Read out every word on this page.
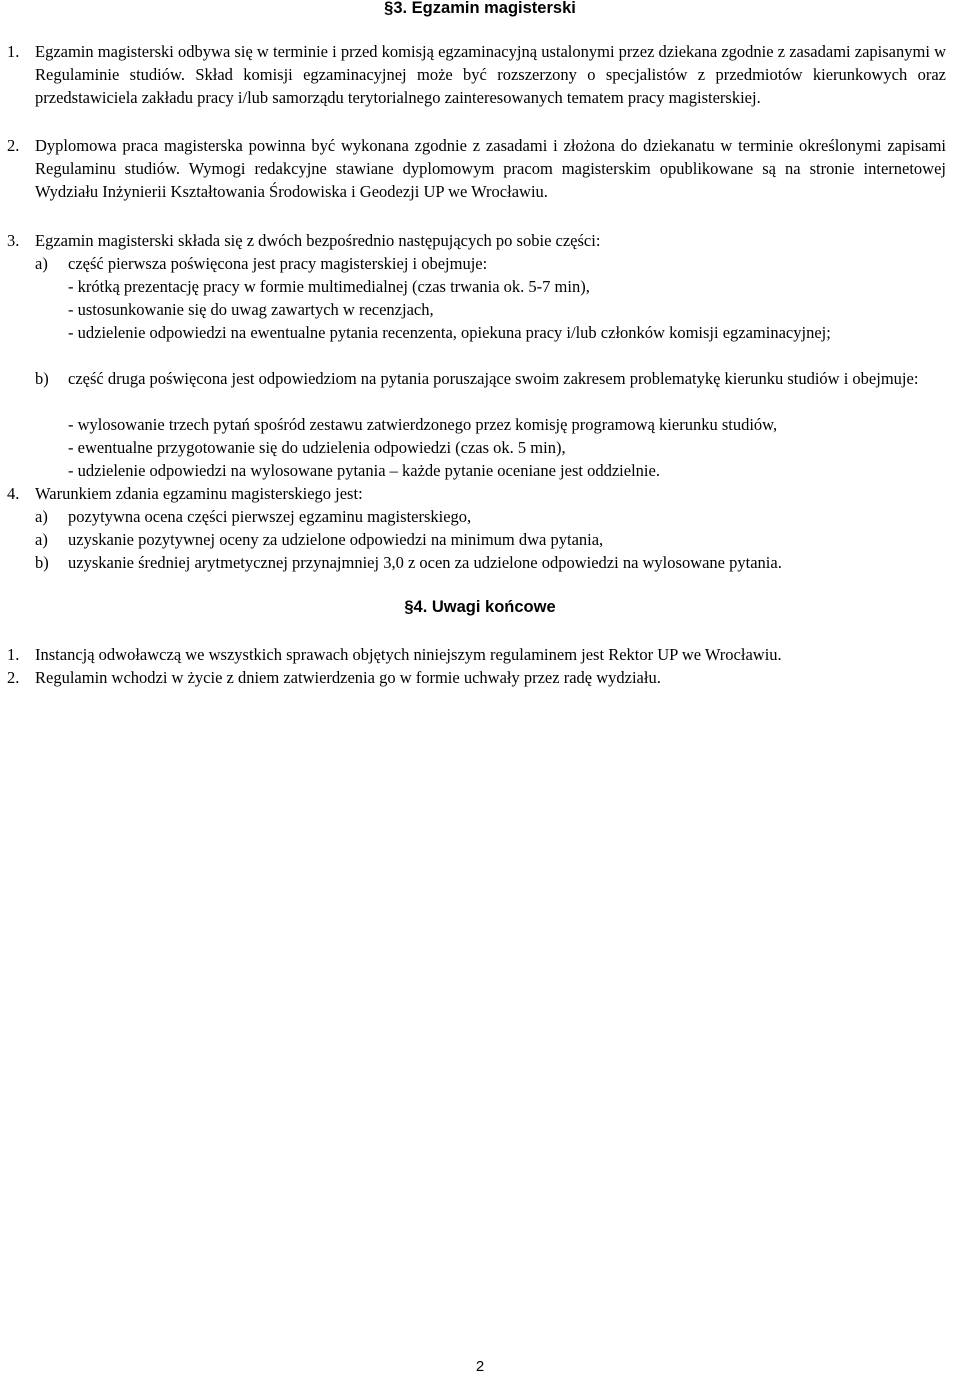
§3. Egzamin magisterski
1. Egzamin magisterski odbywa się w terminie i przed komisją egzaminacyjną ustalonymi przez dziekana zgodnie z zasadami zapisanymi w Regulaminie studiów. Skład komisji egzaminacyjnej może być rozszerzony o specjalistów z przedmiotów kierunkowych oraz przedstawiciela zakładu pracy i/lub samorządu terytorialnego zainteresowanych tematem pracy magisterskiej.

2. Dyplomowa praca magisterska powinna być wykonana zgodnie z zasadami i złożona do dziekanatu w terminie określonymi zapisami Regulaminu studiów. Wymogi redakcyjne stawiane dyplomowym pracom magisterskim opublikowane są na stronie internetowej Wydziału Inżynierii Kształtowania Środowiska i Geodezji UP we Wrocławiu.

3. Egzamin magisterski składa się z dwóch bezpośrednio następujących po sobie części:

a) część pierwsza poświęcona jest pracy magisterskiej i obejmuje:

- krótką prezentację pracy w formie multimedialnej (czas trwania ok. 5-7 min),

- ustosunkowanie się do uwag zawartych w recenzjach,

- udzielenie odpowiedzi na ewentualne pytania recenzenta, opiekuna pracy i/lub członków komisji egzaminacyjnej;

b) część druga poświęcona jest odpowiedziom na pytania poruszające swoim zakresem problematykę kierunku studiów i obejmuje:

- wylosowanie trzech pytań spośród zestawu zatwierdzonego przez komisję programową kierunku studiów,

- ewentualne przygotowanie się do udzielenia odpowiedzi (czas ok. 5 min),

- udzielenie odpowiedzi na wylosowane pytania – każde pytanie oceniane jest oddzielnie.

4. Warunkiem zdania egzaminu magisterskiego jest:

a) pozytywna ocena części pierwszej egzaminu magisterskiego,
a) uzyskanie pozytywnej oceny za udzielone odpowiedzi na minimum dwa pytania,
b) uzyskanie średniej arytmetycznej przynajmniej 3,0 z ocen za udzielone odpowiedzi na wylosowane pytania.
§4. Uwagi końcowe
1. Instancją odwoławczą we wszystkich sprawach objętych niniejszym regulaminem jest Rektor UP we Wrocławiu.

2. Regulamin wchodzi w życie z dniem zatwierdzenia go w formie uchwały przez radę wydziału.

2
